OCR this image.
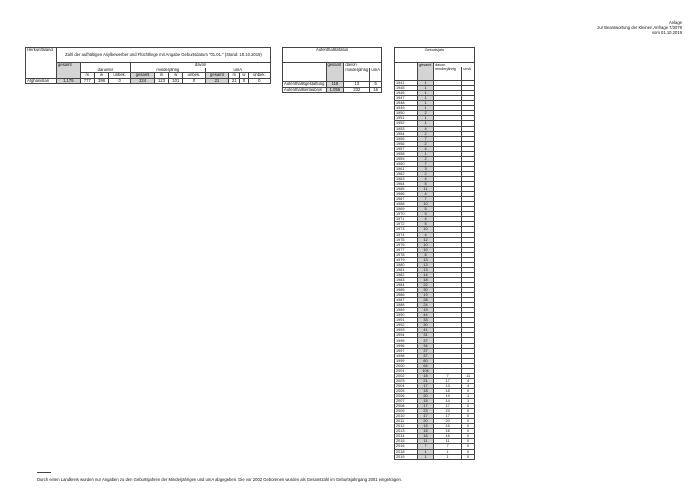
Anlage
zur Beantwortung der Kleinen Anfrage 7/3079
vom 01.10.2019
Herkunftsland	Zahl der aufhältigen Asylbewerber und Flüchtlinge mit Angabe Geburtsdatum "01.01." (Stand: 15.10.2019)											
	gesamt				davon							
		darunter			minderjährig				umA			
		m	w	unbek.	gesamt	m	w	unbek.	gesamt	m	w	unbek.
Afghanistan	1.175	777	398	0	224	123	101	0	21	21	0	0
Aufenthaltsstatus			
	gesamt	davon	
		minderjährig	umA

Aufenthaltsgestattung	118	13	5
Aufenthaltserlaubnis	1.055	232	16
Geburtsjahr			
	gesamt	davon	
		minderjährig	umA

1941	1		
1945	1		
1946	1		
1947	1		
1948	1		
1949	1		
1950	2		
1951	1		
1952	1		
1953	4		
1954	2		
1955	7		
1956	2		
1957	4		
1958	1		
1959	2		
1960	7		
1961	3		
1962	2		
1963	4		
1964	5		
1965	11		
1966	4		
1967	7		
1968	10		
1969	5		
1970	9		
1971	4		
1972	5		
1973	10		
1974	4		
1975	12		
1976	10		
1977	10		
1978	8		
1979	13		
1980	13		
1981	13		
1982	14		
1983	18		
1984	22		
1985	30		
1986	19		
1987	28		
1988	24		
1989	19		
1990	44		
1991	33		
1992	30		
1993	41		
1994	31		
1995	37		
1996	34		
1997	37		
1998	37		
1999	60		
2000	64		
2001	104		
2002	18	7	11
2003	21	17	4
2004	17	13	4
2005	18	18	0
2006	20	19	1
2007	15	14	1
2008	17	17	0
2009	23	23	0
2010	17	17	0
2011	20	20	0
2012	15	15	0
2013	16	16	0
2014	16	16	0
2015	11	11	0
2016	7	7	0
2018	1	1	0
2019	1	1	0
Durch einen Landkreis wurden nur Angaben zu den Geburtsjahren der Minderjährigen und umA abgegeben. Die vor 2002 Geborenen wurden als Gesamtzahl im Geburtsjahrgang 2001 eingetragen.
